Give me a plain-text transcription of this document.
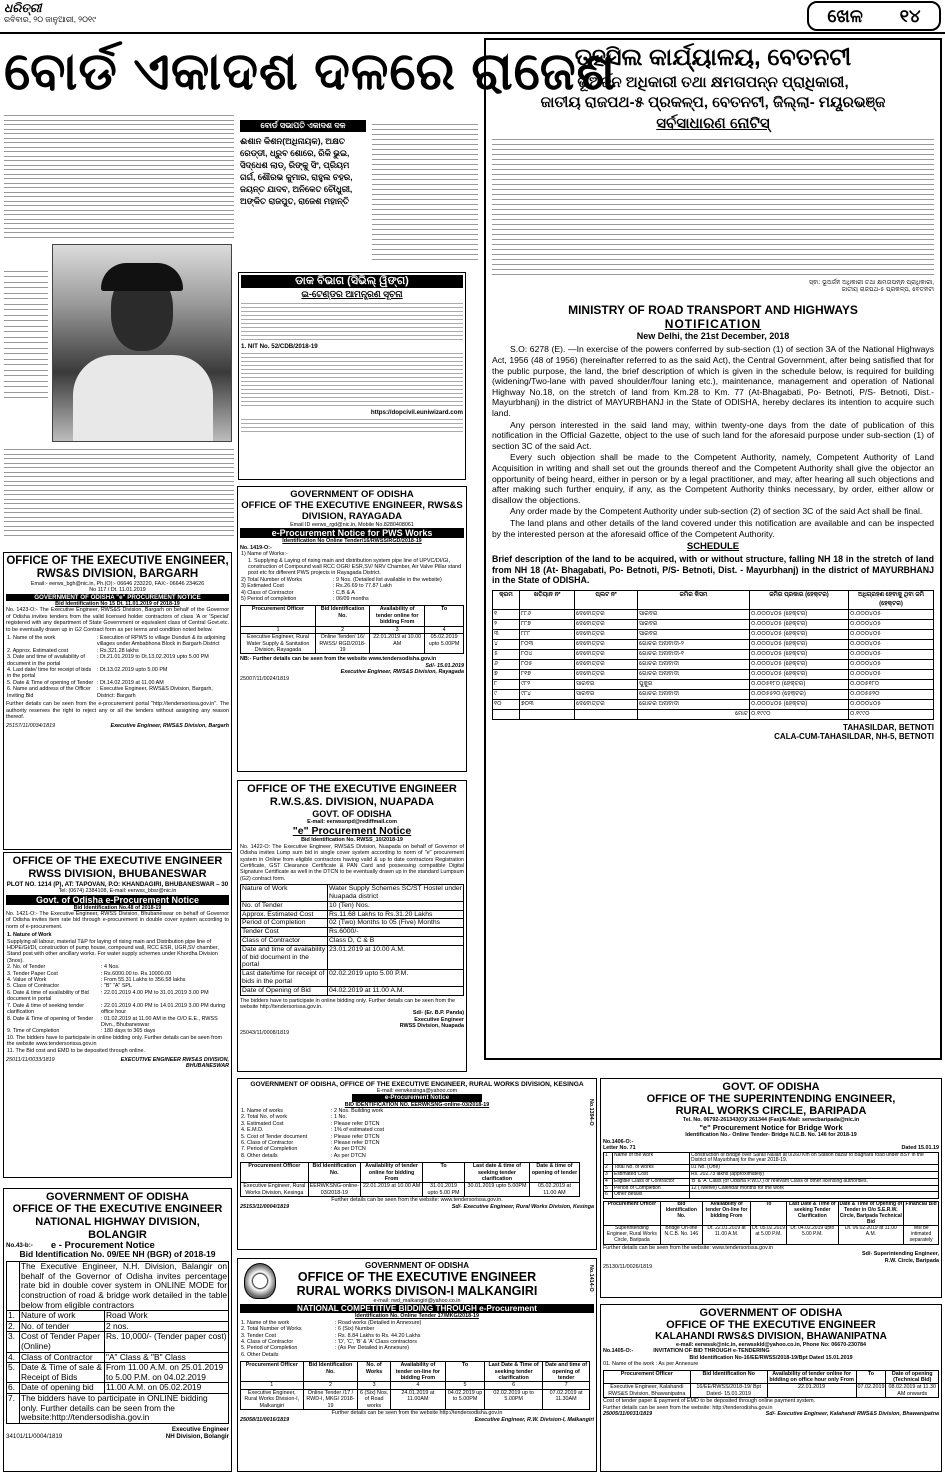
ଧରିତ୍ରୀ
ରବିବାର, ୨୦ ଜାନୁଆରୀ, ୨୦୧୯	ଖେଳ ୧୪
ବୋର୍ଡ ଏକାଦଶ ଦଳରେ ରାଜେଶ
ବୋର୍ଡ ସଭାପତି ଏକାଦଶ ଦଳ
ଈଶାନ କିଶନ(ଅଧିନାୟକ), ଅକ୍ଷତ ରେଡ୍ଡୀ, ଧ୍ରୁବ ଶୋରେ, ରିକି ଭୁଇ, ସିଦ୍ଧେଶ ଲାଡ୍, ରିଙ୍କୁ ସିଂ, ପ୍ରିୟମ ଗର୍ଗ, ଶୌରଭ କୁମାର, ରାହୁଲ ଚହର, ଜୟନ୍ତ ଯାଦବ, ଅନିକେତ ଚୌଧୁରୀ, ଅଙ୍କିତ ରାଜପୁତ, ରାଜେଶ ମହାନ୍ତି
ଡାକ ବିଭାଗ (ସିଭିଲ୍ ୱିଙ୍ଗ)
ଇ-ଟେଣ୍ଡର ଆମନ୍ତ୍ରଣ ସୂଚନା
1. NIT No. 52/CDB/2018-19
https://dopcivil.euniwizard.com
ତହସିଲ କାର୍ଯ୍ୟାଳୟ, ବେତନଟୀ
ଭୂଅର୍ଜନ ଅଧିକାରୀ ତଥା କ୍ଷମତାପନ୍ନ ପ୍ରାଧିକାରୀ,
ଜାତୀୟ ରାଜପଥ-୫ ପ୍ରକଳ୍ପ, ବେତନଟୀ, ଜିଲ୍ଲା- ମୟୂରଭଞ୍ଜ
ସର୍ବସାଧାରଣ ନୋଟିସ୍
ସ୍ବା: ଭୂଅର୍ଜନ ଅଧିକାରୀ ତଥା କ୍ଷମତାପନ୍ନ ପ୍ରାଧିକାରୀ,
ଜାତୀୟ ରାଜପଥ-୫ ପ୍ରକଳ୍ପ, ବେତନଟୀ
MINISTRY OF ROAD TRANSPORT AND HIGHWAYS
NOTIFICATION
New Delhi, the 21st December, 2018

S.O: 6278 (E). —In exercise of the powers conferred by sub-section (1) of section 3A of the National Highways Act, 1956 (48 of 1956) (hereinafter referred to as the said Act), the Central Government, after being satisfied that for the public purpose, the land, the brief description of which is given in the schedule below, is required for building (widening/Two-lane with paved shoulder/four laning etc.), maintenance, management and operation of National Highway No.18, on the stretch of land from Km.28 to Km. 77 (At-Bhagabati, Po- Betnoti, P/S- Betnoti, Dist.- Mayurbhanj) in the district of MAYURBHANJ in the State of ODISHA, hereby declares its intention to acquire such land.

Any person interested in the said land may, within twenty-one days from the date of publication of this notification in the Official Gazette, object to the use of such land for the aforesaid purpose under sub-section (1) of section 3C of the said Act.

Every such objection shall be made to the Competent Authority, namely, Competent Authority of Land Acquisition in writing and shall set out the grounds thereof and the Competent Authority shall give the objector an opportunity of being heard, either in person or by a legal practitioner, and may, after hearing all such objections and after making such further enquiry, if any, as the Competent Authority thinks necessary, by order, either allow or disallow the objections.

Any order made by the Competent Authority under sub-section (2) of section 3C of the said Act shall be final.

The land plans and other details of the land covered under this notification are available and can be inspected by the interested person at the aforesaid office of the Competent Authority.

SCHEDULE
Brief description of the land to be acquired, with or without structure, falling NH 18 in the stretch of land from NH 18 (At- Bhagabati, Po- Betnoti, P/S- Betnoti, Dist. - Mayurbhanj) in the district of MAYURBHANJ in the State of ODISHA.
କ୍ରମ	ଖତିୟାନ ନଂ	ପ୍ଲଟ ନଂ	ଜମିର କିସମ	ଜମିର ପ୍ରକାର (ହେକ୍ଟର)	ଅଧିଗ୍ରହଣ ହେବାକୁ ଥିବା ଜମି (ହେକ୍ଟର)
୧	୮୮୬	ଦେବୋତ୍ତର	ସାରବର	୦.୦୦୦୪୦୫ (ହେକ୍ଟର)	୦.୦୦୦୪୦୫
୨	୮୮୭	ଦେବୋତ୍ତର	ସାରବର	୦.୦୦୦୪୦୫ (ହେକ୍ଟର)	୦.୦୦୦୪୦୫
୩	୮୮୮	ଦେବୋତ୍ତର	ସାରବର	୦.୦୦୦୪୦୫ (ହେକ୍ଟର)	୦.୦୦୦୪୦୫
୪	୮୦୩	ଦେବୋତ୍ତର	ଗୋଚର ଅନାବାଦୀ-୨	୦.୦୦୦୪୦୫ (ହେକ୍ଟର)	୦.୦୦୦୪୦୫
୫	୮୦୪	ଦେବୋତ୍ତର	ଗୋଚର ଅନାବାଦୀ-୧	୦.୦୦୦୪୦୫ (ହେକ୍ଟର)	୦.୦୦୦୪୦୫
୬	୮୦୫	ଦେବୋତ୍ତର	ଗୋଚର ଅନାବାଦୀ	୦.୦୦୦୪୦୫ (ହେକ୍ଟର)	୦.୦୦୦୪୦୫
୭	୮୧୭	ଦେବୋତ୍ତର	ଗୋଚର ଅନାବାଦୀ	୦.୦୦୦୪୦୫ (ହେକ୍ଟର)	୦.୦୦୦୪୦୫
୮	୯୮୨	ସାରବର	ପୁକୁର	୦.୦୦୫୧୮୦ (ହେକ୍ଟର)	୦.୦୦୫୧୮୦
୯	୯୮୪	ସାରବର	ଗୋଚର ଅନାବାଦୀ	୦.୦୦୫୫୨୦ (ହେକ୍ଟର)	୦.୦୦୫୫୨୦
୧୦	୭୦୩	ଦେବୋତ୍ତର	ଗୋଚର ଅନାବାଦୀ	୦.୦୦୦୪୦୫ (ହେକ୍ଟର)	୦.୦୦୦୪୦୫
			ମୋଟ	୦.୧୯୯୦	୦.୧୯୯୦
TAHASILDAR, BETNOTI
CALA-CUM-TAHASILDAR, NH-5, BETNOTI
OFFICE OF THE EXECUTIVE ENGINEER, RWS&S DIVISION, BARGARH
Email:- eerws_bgh@nic.in, Ph.(O):- 06646 233220, FAX:- 06646 234626
No 117 / Dt. 11.01.2019
GOVERNMENT OF ODISHA "e" PROCUREMENT NOTICE
Bid Identification No 15 Dt. 11.01.2019 of 2018-19
No. 1423-O:- The Executive Engineer, RWS&S Division, Bargarh on behalf of the Governor of Odisha invites tenders from the valid licensed holder contractors of class 'A or 'Special' registered with any department of State Government or equivalent class of Central Govt.etc. to be eventually drawn up in G2 Contract form as per terms and condition noted below.
1. Name of the work	: Execution of RPWS to village Dunduri & its adjoining villages under Ambabhona Block in Bargarh District
2. Approx. Estimated cost	: Rs.321.28 lakhs
3. Date and time of availability of document in the portal	: Dt.21.01.2019 to Dt.13.02.2019 upto 5.00 PM
4. Last date/ time for receipt of bids in the portal	: Dt.13.02.2019 upto 5.00 PM
5. Date & Time of opening of Tender	: Dt.14.02.2019 at 11.00 AM
6. Name and address of the Officer Inviting Bid	: Executive Engineer, RWS&S Division, Bargarh, District: Bargarh
Further details can be seen from the e-procurement portal "http://tendersorissa.gov.in". The authority reserves the right to reject any or all the tenders without assigning any reason thereof.
25157/11/0034/1819	Executive Engineer, RWS&S Division, Bargarh
OFFICE OF THE EXECUTIVE ENGINEER RWSS DIVISION, BHUBANESWAR
PLOT NO. 1214 (P), AT: TAPOVAN, P.O: KHANDAGIRI, BHUBANESWAR – 30
Tel: (0674) 2384108, E-mail: eerwss_bbsr@nic.in
Govt. of Odisha e-Procurement Notice
Bid Identification No.48 of 2018-19
No. 1421-O:- The Executive Engineer, RWSS Division, Bhubaneswar on behalf of Governor of Odisha invites item rate bid through e-procurement in double cover system according to norm of e-procurement.
1. Nature of Work	
Supplying all labour, material T&P for laying of rising main and Distribution pipe line of HDPE/GI/DI, construction of pump house, compound wall, RCC ESR, UGR,SV chamber, Stand post with other ancillary works. For water supply schemes under Khordha Division (3nos).	
2. No. of Tender	: 4 Nos.
3. Tender Paper Cost	: Rs.6000.00 to. Rs.10000.00
4. Value of Work	: From 55.31 Lakhs to 356.58 lakhs
5. Class of Contractor	: "B" "A" SPL
6. Date & time of availability of Bid document in portal	: 22.01.2019 4.00 PM to 31.01.2019 3.00 PM
7. Date & time of seeking tender clarification	: 22.01.2019 4.00 PM to 14.01.2019 3.00 PM during office hour
8. Date & Time of opening of Tender	: 01.02.2019 at 11.00 AM in the O/O E.E., RWSS Divn., Bhubaneswar
9. Time of Completion	: 180 days to 365 days
10. The bidders have to participate in online bidding only. Further details can be seen from the website www.tendersorissa.gov.in	
11. The Bid cost and EMD to be deposited through online.	
25011/11/0033/1819	EXECUTIVE ENGINEER RWS&S DIVISION, BHUBANESWAR
GOVERNMENT OF ODISHA
OFFICE OF THE EXECUTIVE ENGINEER NATIONAL HIGHWAY DIVISION, BOLANGIR
No.43-b:- e - Procurement Notice
Bid Identification No. 09/EE NH (BGR) of 2018-19
	The Executive Engineer, N.H. Division, Balangir on behalf of the Governor of Odisha invites percentage rate bid in double cover system in ONLINE MODE for construction of road & bridge work detailed in the table below from eligible contractors	
1.	Nature of work	Road Work
2.	No. of tender	2 nos.
3.	Cost of Tender Paper (Online)	Rs. 10,000/- (Tender paper cost)
4.	Class of Contractor	"A" Class & "B" Class
5.	Date & Time of sale & Receipt of Bids	From 11.00 A.M. on 25.01.2019 to 5.00 P.M. on 04.02.2019
6.	Date of opening bid	11.00 A.M. on 05.02.2019
7.	The bidders have to participate in ONLINE bidding only. Further details can be seen from the website:http://tendersodisha.gov.in	
34101/11/0004/1819
Executive Engineer
NH Division, Bolangir
GOVERNMENT OF ODISHA
OFFICE OF THE EXECUTIVE ENGINEER, RWS&S DIVISION, RAYAGADA
Email ID eerws_rgd@nic.in, Mobile No.8280408061
e-Procurement Notice for PWS Works
Identification No Online Tender/16/RWSS/RGD/2018-19
No. 1419-O:-
1) Name of Works:-	
1. Supplying & Laying of rising main and distribution system pipe line of UPVC/DI/GI, construction of Compound wall RCC OGR/ ESR,SV/ NRV Chamber, Air Valve Pillar stand post etc for different PWS projects in Rayagada District.	
2) Total Number of Works	: 9 Nos. (Detailed list available in the website)
3) Estimated Cost	: Rs.26.69 to 77.87 Lakh
4) Class of Contractor	: C,B & A
5) Period of completion	: 06/09 months
Procurement Officer	Bid Identification No.	Availability of tender online for bidding From	To
1	2	3	4
Executive Engineer, Rural Water Supply & Sanitation Division, Rayagada	Online Tender/ 16/ RWSS/ RGD/2018-19	22.01.2019 at 10.00 AM	05.02.2019 upto 5.00PM
NB:- Further details can be seen from the website www.tendersodisha.gov.in
Sd/- 15.01.2019
Executive Engineer, RWS&S Division, Rayagada
25007/11/0024/1819
OFFICE OF THE EXECUTIVE ENGINEER R.W.S.&S. DIVISION, NUAPADA
GOVT. OF ODISHA
E-mail: eerwssnpd@rediffmail.com
"e" Procurement Notice
Bid Identification No. RWSS_10/2018-19
No. 1422-O: The Executive Engineer, RWS&S Division, Nuapada on behalf of Governor of Odisha invites Lump sum bid in single cover system according to norm of "e" procurement system in Online from eligible contractors having valid & up to date contractors Registration Certificate, GST Clearance Certificate & PAN Card and possessing compatible Digital Signature Certificate as well in the DTCN to be eventually drawn up in the standard Lumpsum (G2) contract form.
Nature of Work	Water Supply Schemes SC/ST Hostel under Nuapada district
No. of Tender	10 (Ten) Nos.
Approx. Estimated Cost	Rs.11.68 Lakhs to Rs.31.20 Lakhs
Period of Completion	02 (Two) Months to 05 (Five) Months
Tender Cost	Rs.6000/-
Class of Contractor	Class D, C & B
Date and time of availability of bid document in the portal	23.01.2019 at 10.00 A.M.
Last date/time for receipt of bids in the portal	02.02.2019 upto 5.00 P.M.
Date of Opening of Bid	04.02.2019 at 11.00 A.M.
The bidders have to participate in online bidding only. Further details can be seen from the website http://tendersorissa.gov.in.
Sd/- (Er. B.P. Panda)
Executive Engineer
RWSS Division, Nuapada
25043/11/0008/1819
GOVERNMENT OF ODISHA, OFFICE OF THE EXECUTIVE ENGINEER, RURAL WORKS DIVISION, KESINGA
E-mail: eerwkesinga@yahoo.com
e-Procurement Notice
BID IDENTIFICATION NO. EERWKSNG-online-03/2018-19	No.1394-O
1. Name of works	: 2 Nos. Building work
2. Total No. of work	: 1 No.
3. Estimated Cost	: Please refer DTCN
4. E.M.D.	: 1% of estimated cost
5. Cost of Tender document	: Please refer DTCN
6. Class of Contractor	: Please refer DTCN
7. Period of Completion	: As per DTCN
8. Other details	: As per DTCN
Procurement Officer	Bid Identification No.	Availability of tender online for bidding From	To	Last date & time of seeking tender clarification	Date & time of opening of tender
Executive Engineer, Rural Works Division, Kesinga	EERWKSNG-online- 03/2018-19	22.01.2019 at 10.00 AM	31.01.2019 upto 5.00 PM	30.01.2019 upto 5.00PM	05.02.2019 at 11.00 AM
Further details can be seen from the website: www.tendersorissa.gov.in.
25153/11/0004/1819	Sd/- Executive Engineer, Rural Works Division, Kesinga
GOVERNMENT OF ODISHA
OFFICE OF THE EXECUTIVE ENGINEER
RURAL WORKS DIVISON-I MALKANGIRI
e-mail: rwd_malkangiri@yahoo.co.in
No.1414-O
NATIONAL COMPETITIVE BIDDING THROUGH e-Procurement
Identification No. Online Tender 17/MKG/2018-19
1. Name of the work	: Road works (Detailed in Annexure)
2. Total Number of Works	: 6 (Six) Number
3. Tender Cost	: Rs. 8.84 Lakhs to Rs. 44.20 Lakhs
4. Class of Contractor	: 'D', 'C', 'B' & 'A' Class contractors
5. Period of Completion	: (As Per Detailed in Annexure)
6. Other Details	
Procurement Officer	Bid Identification No.	No. of Works	Availability of tender on-line for bidding From	To	Last Date & Time of seeking tender clarification	Date and time of opening of tender
1	2	3	4	5	6	7
Executive Engineer, Rural Works Division-I, Malkangiri	Online Tender /17 / RWD-I, MKG/ 2018-19	6 (Six) Nos. of Road works	24.01.2019 at 11.00AM	04.02.2019 up to 5.00PM	02.02.2019 up to 5.00PM	07.02.2019 at 11.30AM
Further details can be seen from the website http://tendersodisha.gov.in
25058/11/0016/1819	Executive Engineer, R.W. Division-I, Malkangiri
GOVT. OF ODISHA
OFFICE OF THE SUPERINTENDING ENGINEER,
RURAL WORKS CIRCLE, BARIPADA
Tel. No. 06792-261343(O)/ 261344 (Fax)/E-Mail: serwcbaripada@nic.in
"e" Procurement Notice for Bridge Work
Identification No.- Online Tender- Bridge N.C.B. No. 146 for 2018-19
No.1406-O:-
Letter No. 71	Dated 15.01.19
1	Name of the work	Construction of Bridge over Sarali Nallah at 0/260 Km on Station bazar to Baghara road under BSY in the District of Mayurbhanj for the year 2018-19.
2	Total No. of works	01 No. (One)
3	Estimated Cost	Rs. 202.73 lakhs (approximately)
4	Eligible Class of Contractor	'B' & 'A' Class (of Odisha P.W.D.) or relevant Class of other licensing authorities.
5	Period of Completion	12 (Twelve) Calendar months for the work
6	Other details	
Procurement Officer	Bid Identification No.	Availability of tender On-line for bidding From	To	Last Date & Time of seeking Tender Clarification	Date & Time of Opening of Tender in O/o S.E.R.W. Circle, Baripada Technical Bid	Financial Bid
Superintending Engineer, Rural Works Circle, Baripada	Bridge On-line N.C.B. No. 146	Dt. 22.01.2019 at 11.00 A.M.	Dt. 05.02.2019 at 5.00 P.M.	Dt. 04.02.2019 upto 5.00 P.M.	Dt. 06.02.2019 at 11.00 A.M.	Will be intimated separately
Further details can be seen from the website: www.tendersorissa.gov.in
Sd/- Superintending Engineer,
R.W. Circle, Baripada
25130/11/0026/1819
GOVERNMENT OF ODISHA
OFFICE OF THE EXECUTIVE ENGINEER
KALAHANDI RWS&S DIVISION, BHAWANIPATNA
e-mail: eerwssk@nic.in, eerwsskld@yahoo.co.in, Phone No: 06670-230784
No.1405-O:-	INVITATION OF BID THROUGH e-TENDERING
Bid Identification No-16/EE/RWSS/2018-19/Bpt Dated 15.01.2019
01. Name of the work : As per Annexure
Procurement Officer	Bid Identification No	Availability of tender online for bidding on office hour only From	To	Date of opening (Technical Bid)
Executive Engineer, Kalahandi RWS&S Division, Bhawanipatna	16/EE/RWSS/2018-19/ Bpt Dated- 15.01.2019	22.01.2019	07.02.2019	08.02.2019 at 11.30 AM onwards
Cost of tender paper & payment of EMD to be deposited through online payment system.
Further details can be seen from the website: http://tenderodisha.gov.in
25005/11/0031/1819	Sd/- Executive Engineer, Kalahandi RWS&S Division, Bhawanipatna
